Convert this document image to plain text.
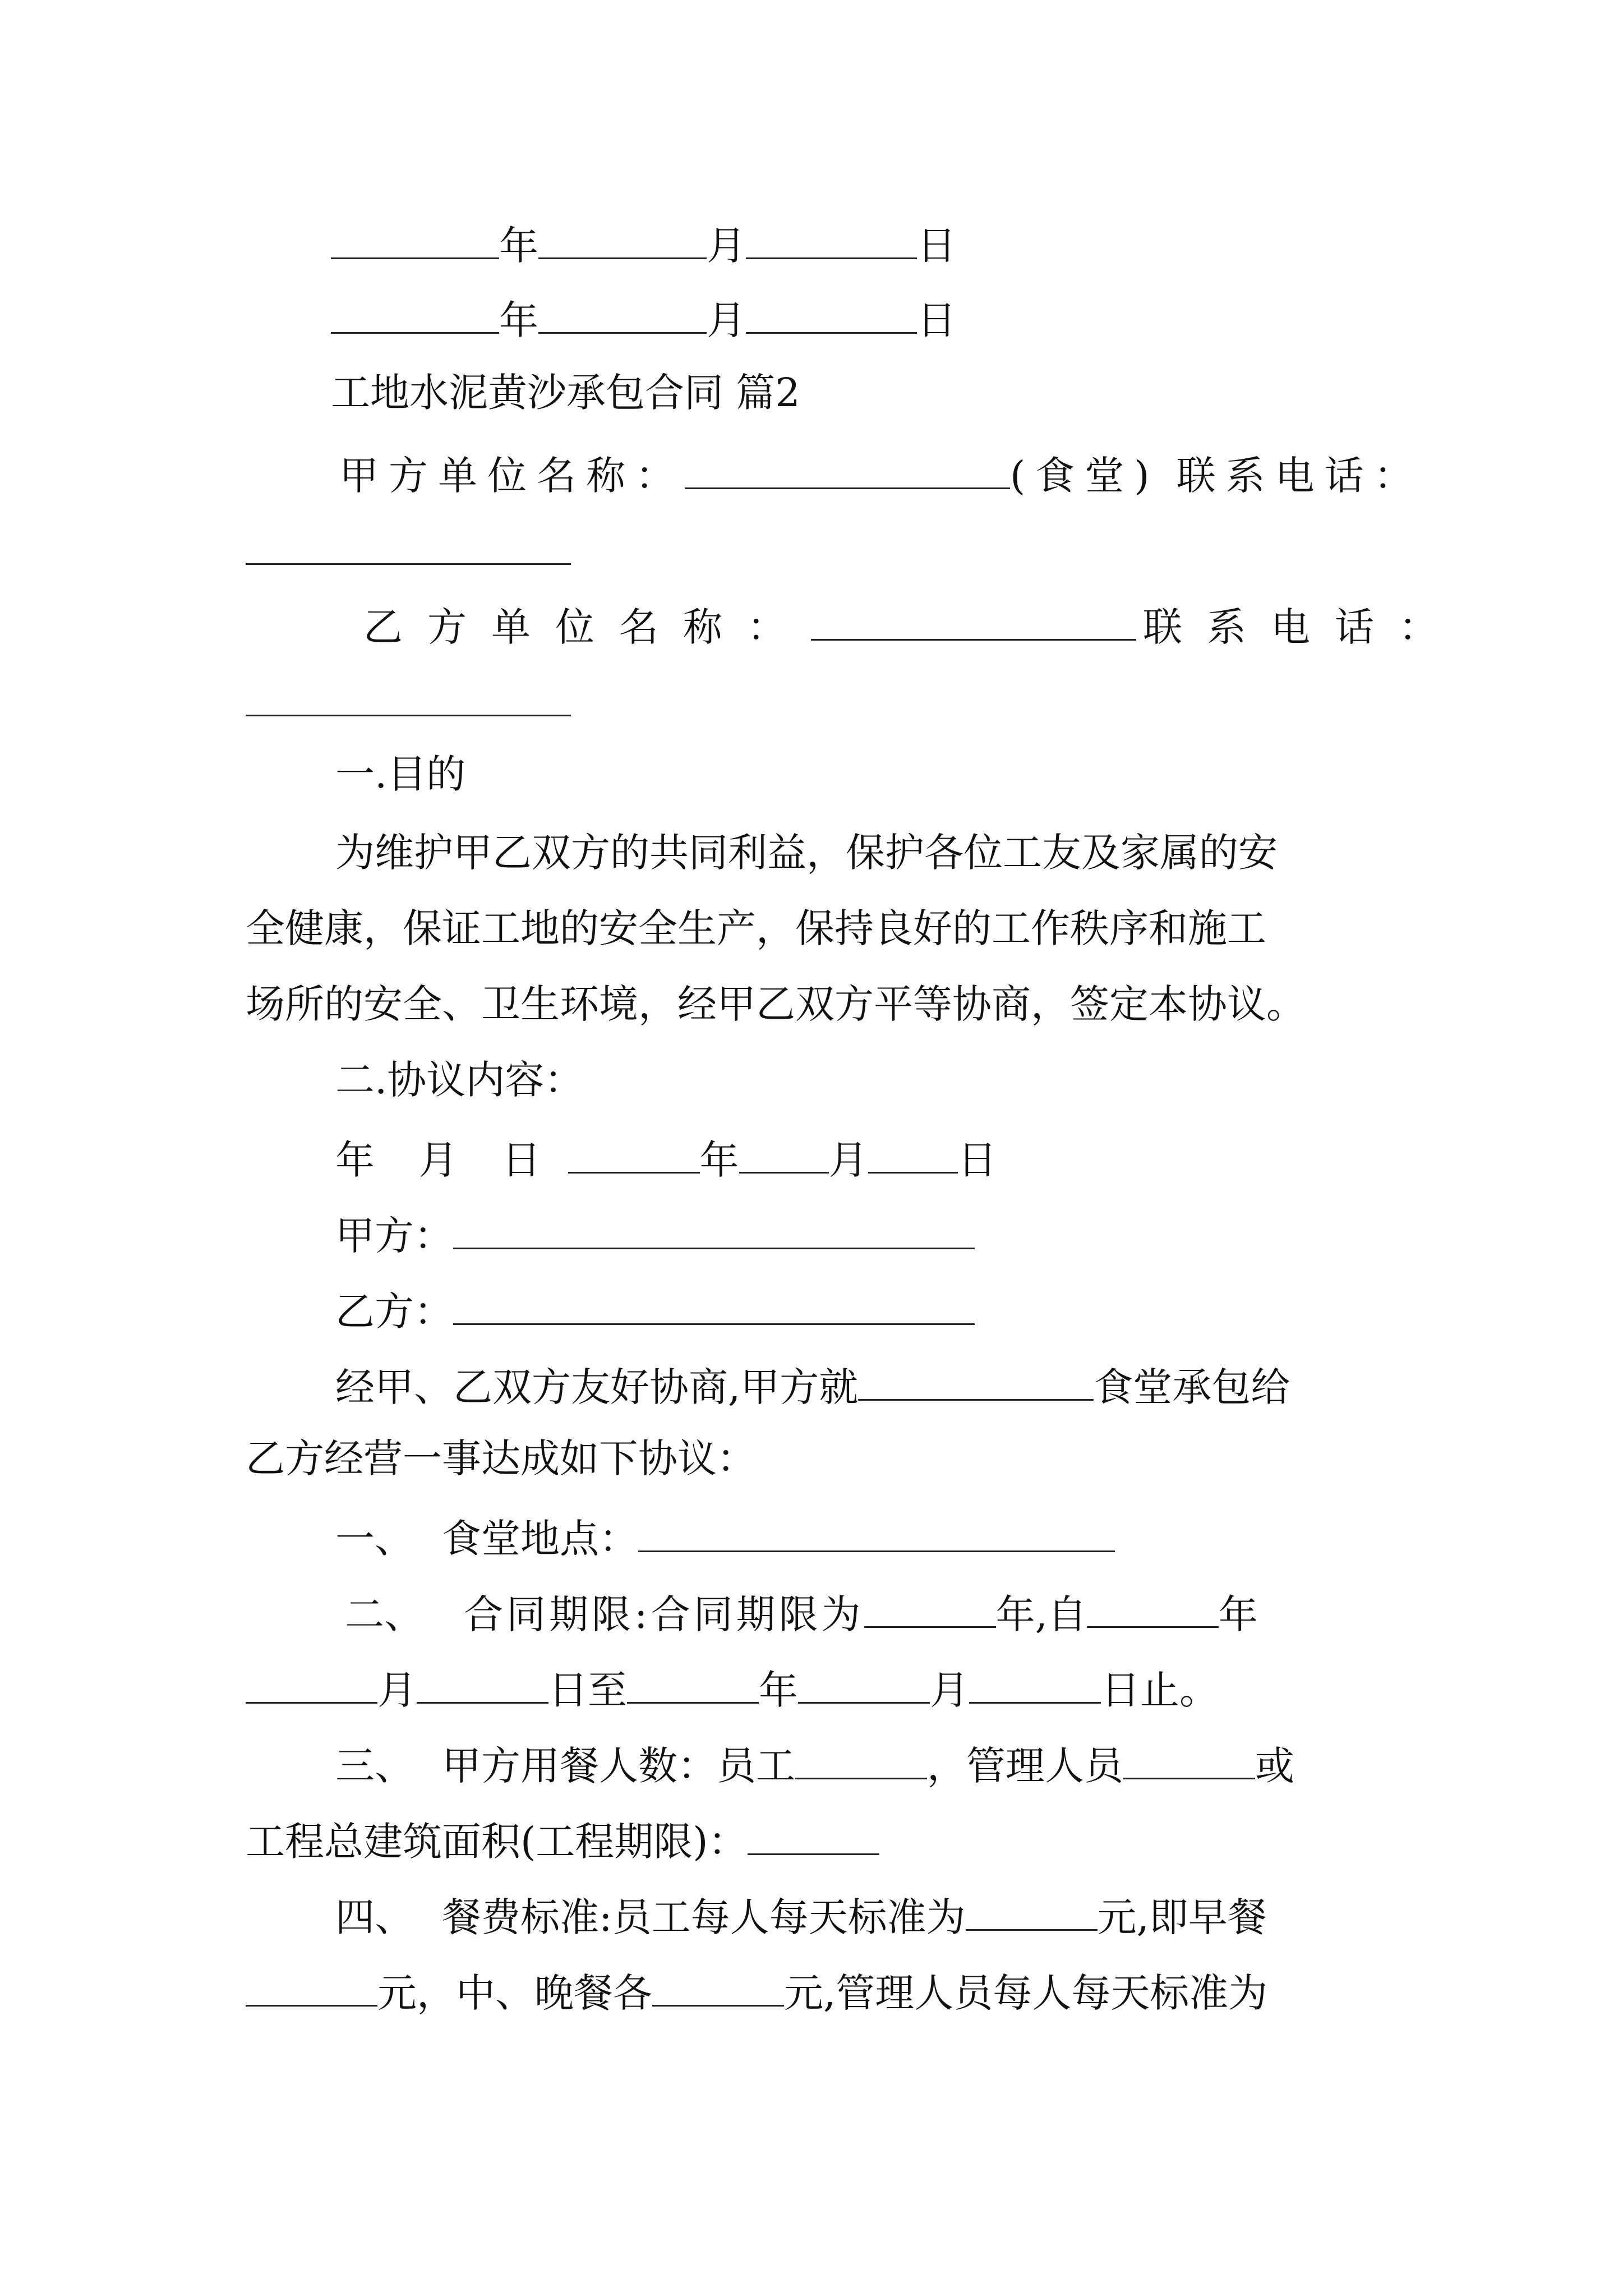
年	月	日
年	月	日
工地水泥黄沙承包合同 篇2
甲方单位名称：	(食堂) 联系电话：
乙方单位名称：	联系电话：
一.目的
为维护甲乙双方的共同利益，保护各位工友及家属的安
全健康，保证工地的安全生产，保持良好的工作秩序和施工
场所的安全、卫生环境，经甲乙双方平等协商，签定本协议。
二.协议内容：
年 月 日	年 月 日
甲方：
乙方：
经甲、乙双方友好协商,甲方就	食堂承包给
乙方经营一事达成如下协议：
一、 食堂地点：
二、 合同期限:合同期限为	年,自	年
月	日至	年	月	日止。
三、 甲方用餐人数：员工	，管理人员	或
工程总建筑面积(工程期限)：
四、 餐费标准:员工每人每天标准为	元,即早餐
元，中、晚餐各	元,管理人员每人每天标准为
